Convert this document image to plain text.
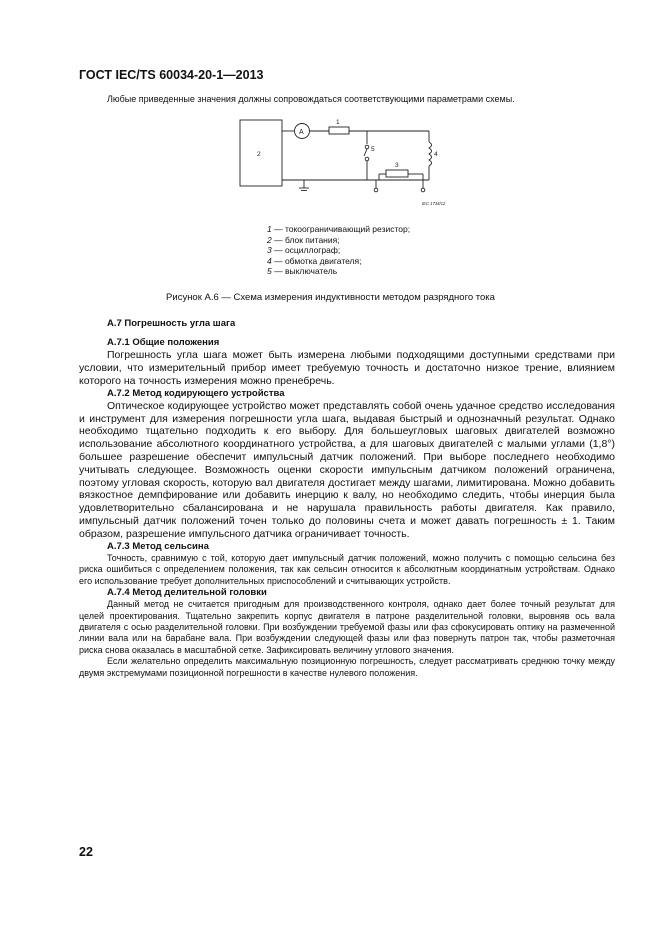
ГОСТ IEC/TS 60034-20-1—2013
Любые приведенные значения должны сопровождаться соответствующими параметрами схемы.
2
A
1
5
3
4
IEC 1734/12
1 — токоограничивающий резистор;
2 — блок питания;
3 — осциллограф;
4 — обмотка двигателя;
5 — выключатель
Рисунок А.6 — Схема измерения индуктивности методом разрядного тока
А.7 Погрешность угла шага
А.7.1 Общие положения

Погрешность угла шага может быть измерена любыми подходящими доступными средствами при условии, что измерительный прибор имеет требуемую точность и достаточно низкое трение, влиянием которого на точность измерения можно пренебречь.

А.7.2 Метод кодирующего устройства

Оптическое кодирующее устройство может представлять собой очень удачное средство исследования и инструмент для измерения погрешности угла шага, выдавая быстрый и однозначный результат. Однако необходимо тщательно подходить к его выбору. Для большеугловых шаговых двигателей возможно использование абсолютного координатного устройства, а для шаговых двигателей с малыми углами (1,8°) большее разрешение обеспечит импульсный датчик положений. При выборе последнего необходимо учитывать следующее. Возможность оценки скорости импульсным датчиком положений ограничена, поэтому угловая скорость, которую вал двигателя достигает между шагами, лимитирована. Можно добавить вязкостное демпфирование или добавить инерцию к валу, но необходимо следить, чтобы инерция была удовлетворительно сбалансирована и не нарушала правильность работы двигателя. Как правило, импульсный датчик положений точен только до половины счета и может давать погрешность ± 1. Таким образом, разрешение импульсного датчика ограничивает точность.

А.7.3 Метод сельсина

Точность, сравнимую с той, которую дает импульсный датчик положений, можно получить с помощью сельсина без риска ошибиться с определением положения, так как сельсин относится к абсолютным координатным устройствам. Однако его использование требует дополнительных приспособлений и считывающих устройств.

А.7.4 Метод делительной головки

Данный метод не считается пригодным для производственного контроля, однако дает более точный результат для целей проектирования. Тщательно закрепить корпус двигателя в патроне разделительной головки, выровняв ось вала двигателя с осью разделительной головки. При возбуждении требуемой фазы или фаз сфокусировать оптику на размеченной линии вала или на барабане вала. При возбуждении следующей фазы или фаз повернуть патрон так, чтобы разметочная риска снова оказалась в масштабной сетке. Зафиксировать величину углового значения.

Если желательно определить максимальную позиционную погрешность, следует рассматривать среднюю точку между двумя экстремумами позиционной погрешности в качестве нулевого положения.

22
